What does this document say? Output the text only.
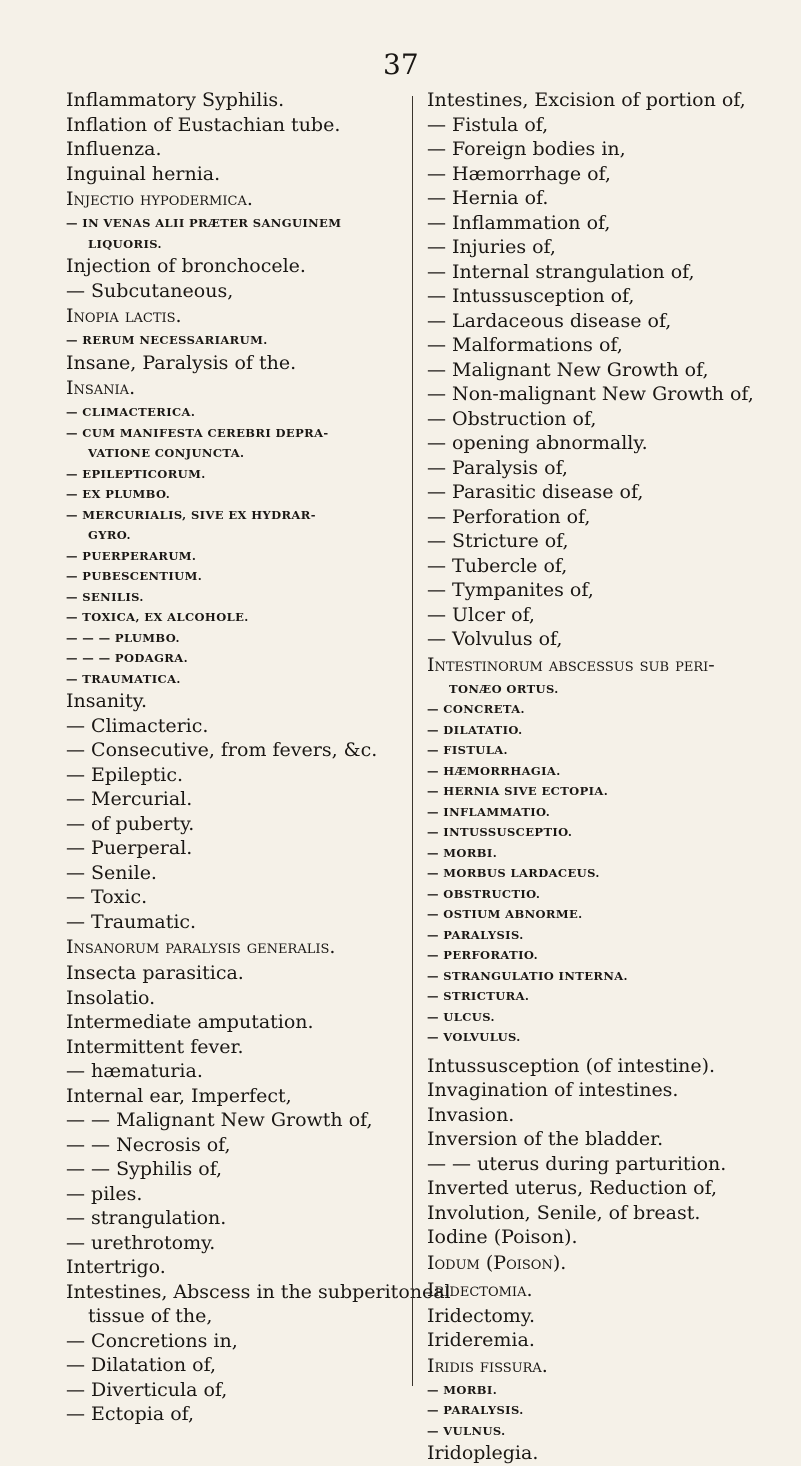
37
Inflammatory Syphilis.
Inflation of Eustachian tube.
Influenza.
Inguinal hernia.
Injectio hypodermica.
— IN VENAS ALII PRÆTER SANGUINEM
LIQUORIS.
Injection of bronchocele.
— Subcutaneous,
Inopia lactis.
— RERUM NECESSARIARUM.
Insane, Paralysis of the.
Insania.
— CLIMACTERICA.
— CUM MANIFESTA CEREBRI DEPRA-
VATIONE CONJUNCTA.
— EPILEPTICORUM.
— EX PLUMBO.
— MERCURIALIS, SIVE EX HYDRAR-
GYRO.
— PUERPERARUM.
— PUBESCENTIUM.
— SENILIS.
— TOXICA, EX ALCOHOLE.
— — — PLUMBO.
— — — PODAGRA.
— TRAUMATICA.
Insanity.
— Climacteric.
— Consecutive, from fevers, &c.
— Epileptic.
— Mercurial.
— of puberty.
— Puerperal.
— Senile.
— Toxic.
— Traumatic.
Insanorum paralysis generalis.
Insecta parasitica.
Insolatio.
Intermediate amputation.
Intermittent fever.
— hæmaturia.
Internal ear, Imperfect,
— — Malignant New Growth of,
— — Necrosis of,
— — Syphilis of,
— piles.
— strangulation.
— urethrotomy.
Intertrigo.
Intestines, Abscess in the subperitoneal
tissue of the,
— Concretions in,
— Dilatation of,
— Diverticula of,
— Ectopia of,
Intestines, Excision of portion of,
— Fistula of,
— Foreign bodies in,
— Hæmorrhage of,
— Hernia of.
— Inflammation of,
— Injuries of,
— Internal strangulation of,
— Intussusception of,
— Lardaceous disease of,
— Malformations of,
— Malignant New Growth of,
— Non-malignant New Growth of,
— Obstruction of,
— opening abnormally.
— Paralysis of,
— Parasitic disease of,
— Perforation of,
— Stricture of,
— Tubercle of,
— Tympanites of,
— Ulcer of,
— Volvulus of,
Intestinorum abscessus sub peri-
TONÆO ORTUS.
— CONCRETA.
— DILATATIO.
— FISTULA.
— HÆMORRHAGIA.
— HERNIA SIVE ECTOPIA.
— INFLAMMATIO.
— INTUSSUSCEPTIO.
— MORBI.
— MORBUS LARDACEUS.
— OBSTRUCTIO.
— OSTIUM ABNORME.
— PARALYSIS.
— PERFORATIO.
— STRANGULATIO INTERNA.
— STRICTURA.
— ULCUS.
— VOLVULUS.
Intussusception (of intestine).
Invagination of intestines.
Invasion.
Inversion of the bladder.
— — uterus during parturition.
Inverted uterus, Reduction of,
Involution, Senile, of breast.
Iodine (Poison).
Iodum (Poison).
Iridectomia.
Iridectomy.
Irideremia.
Iridis fissura.
— MORBI.
— PARALYSIS.
— VULNUS.
Iridoplegia.
